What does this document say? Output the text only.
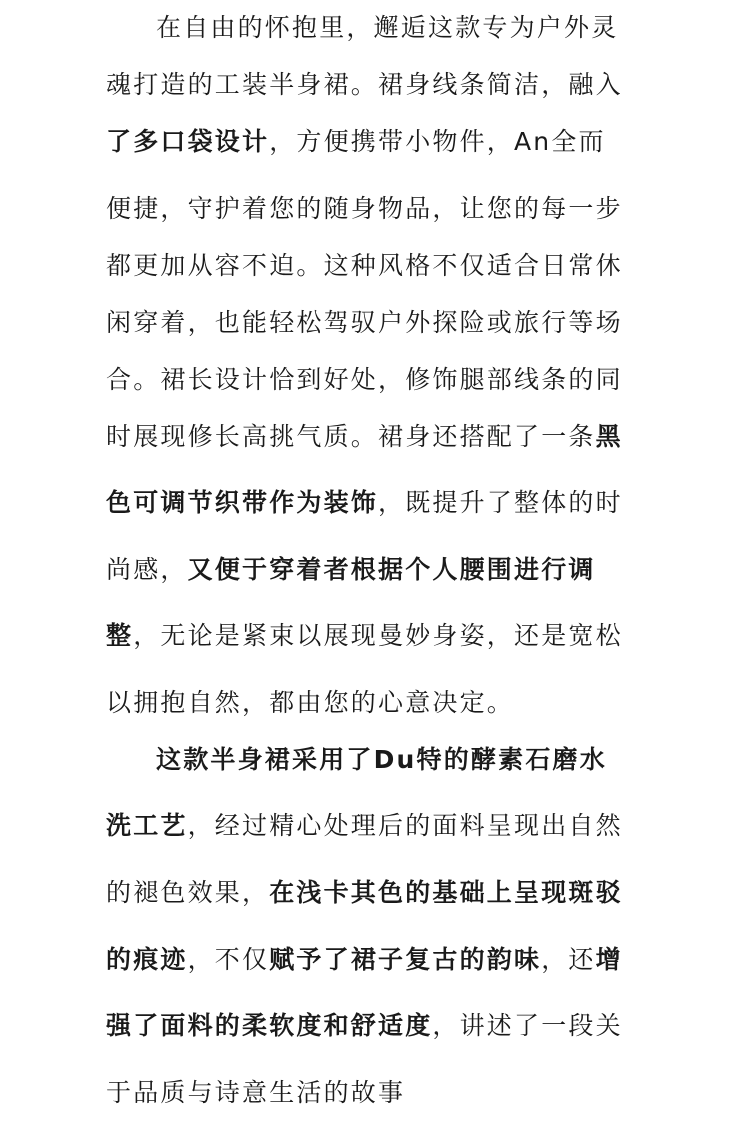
在自由的怀抱里，邂逅这款专为户外灵
魂打造的工装半身裙。裙身线条简洁，融入
了多口袋设计，方便携带小物件，An全而
便捷，守护着您的随身物品，让您的每一步
都更加从容不迫。这种风格不仅适合日常休
闲穿着，也能轻松驾驭户外探险或旅行等场
合。裙长设计恰到好处，修饰腿部线条的同
时展现修长高挑气质。裙身还搭配了一条黑
色可调节织带作为装饰，既提升了整体的时
尚感，又便于穿着者根据个人腰围进行调
整，无论是紧束以展现曼妙身姿，还是宽松
以拥抱自然，都由您的心意决定。
这款半身裙采用了Du特的酵素石磨水
洗工艺，经过精心处理后的面料呈现出自然
的褪色效果，在浅卡其色的基础上呈现斑驳
的痕迹，不仅赋予了裙子复古的韵味，还增
强了面料的柔软度和舒适度，讲述了一段关
于品质与诗意生活的故事
